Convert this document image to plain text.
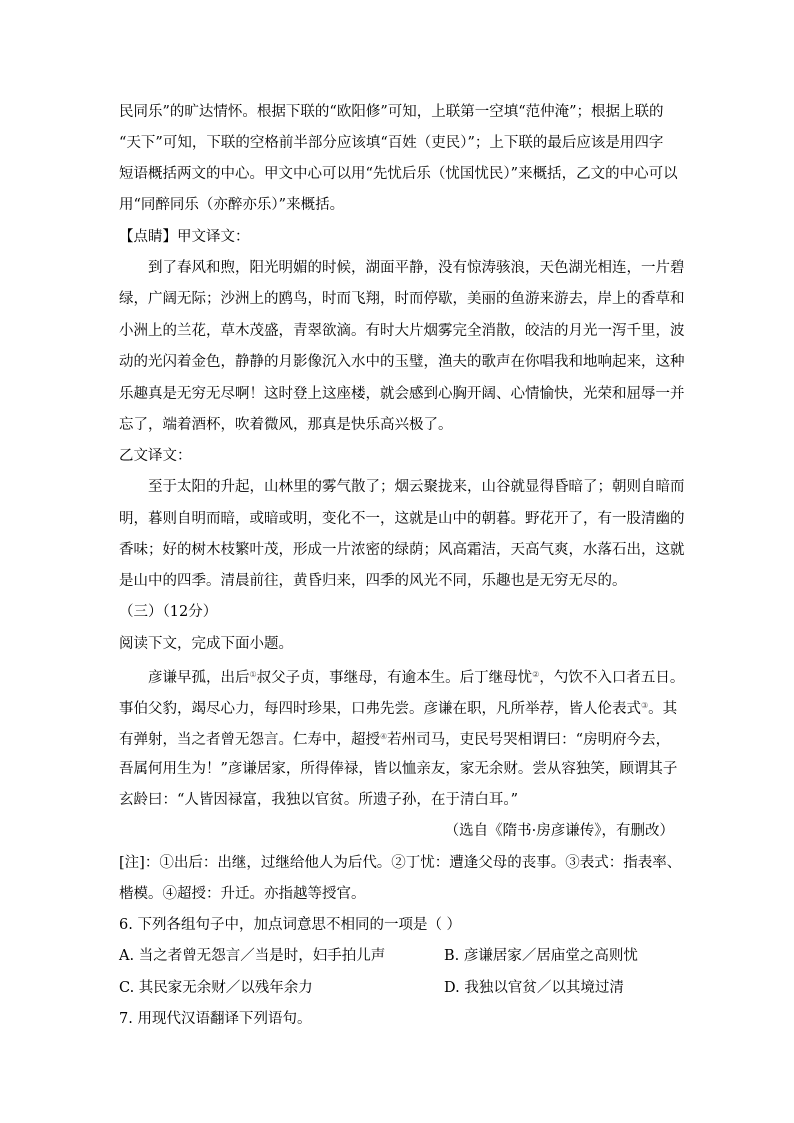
民同乐”的旷达情怀。根据下联的“欧阳修”可知，上联第一空填“范仲淹”；根据上联的
“天下”可知，下联的空格前半部分应该填“百姓（吏民）”；上下联的最后应该是用四字
短语概括两文的中心。甲文中心可以用“先忧后乐（忧国忧民）”来概括，乙文的中心可以
用“同醉同乐（亦醉亦乐）”来概括。
【点睛】甲文译文：
到了春风和煦，阳光明媚的时候，湖面平静，没有惊涛骇浪，天色湖光相连，一片碧
绿，广阔无际；沙洲上的鸥鸟，时而飞翔，时而停歇，美丽的鱼游来游去，岸上的香草和
小洲上的兰花，草木茂盛，青翠欲滴。有时大片烟雾完全消散，皎洁的月光一泻千里，波
动的光闪着金色，静静的月影像沉入水中的玉璧，渔夫的歌声在你唱我和地响起来，这种
乐趣真是无穷无尽啊！这时登上这座楼，就会感到心胸开阔、心情愉快，光荣和屈辱一并
忘了，端着酒杯，吹着微风，那真是快乐高兴极了。
乙文译文：
至于太阳的升起，山林里的雾气散了；烟云聚拢来，山谷就显得昏暗了；朝则自暗而
明，暮则自明而暗，或暗或明，变化不一，这就是山中的朝暮。野花开了，有一股清幽的
香味；好的树木枝繁叶茂，形成一片浓密的绿荫；风高霜洁，天高气爽，水落石出，这就
是山中的四季。清晨前往，黄昏归来，四季的风光不同，乐趣也是无穷无尽的。
（三）（12分）
阅读下文，完成下面小题。
彦谦早孤，出后①叔父子贞，事继母，有逾本生。后丁继母忧②，勺饮不入口者五日。
事伯父豹，竭尽心力，每四时珍果，口弗先尝。彦谦在职，凡所举荐，皆人伦表式③。其
有弹射，当之者曾无怨言。仁寿中，超授④若州司马，吏民号哭相谓曰：“房明府今去，
吾属何用生为！”彦谦居家，所得俸禄，皆以恤亲友，家无余财。尝从容独笑，顾谓其子
玄龄曰：“人皆因禄富，我独以官贫。所遗子孙，在于清白耳。”
（选自《隋书·房彦谦传》，有删改）
[注]：①出后：出继，过继给他人为后代。②丁忧：遭逢父母的丧事。③表式：指表率、
楷模。④超授：升迁。亦指越等授官。
6. 下列各组句子中，加点词意思不相同的一项是（ ）
A. 当之者曾无怨言／当是时，妇手拍儿声	B. 彦谦居家／居庙堂之高则忧
C. 其民家无余财／以残年余力	D. 我独以官贫／以其境过清
7. 用现代汉语翻译下列语句。
